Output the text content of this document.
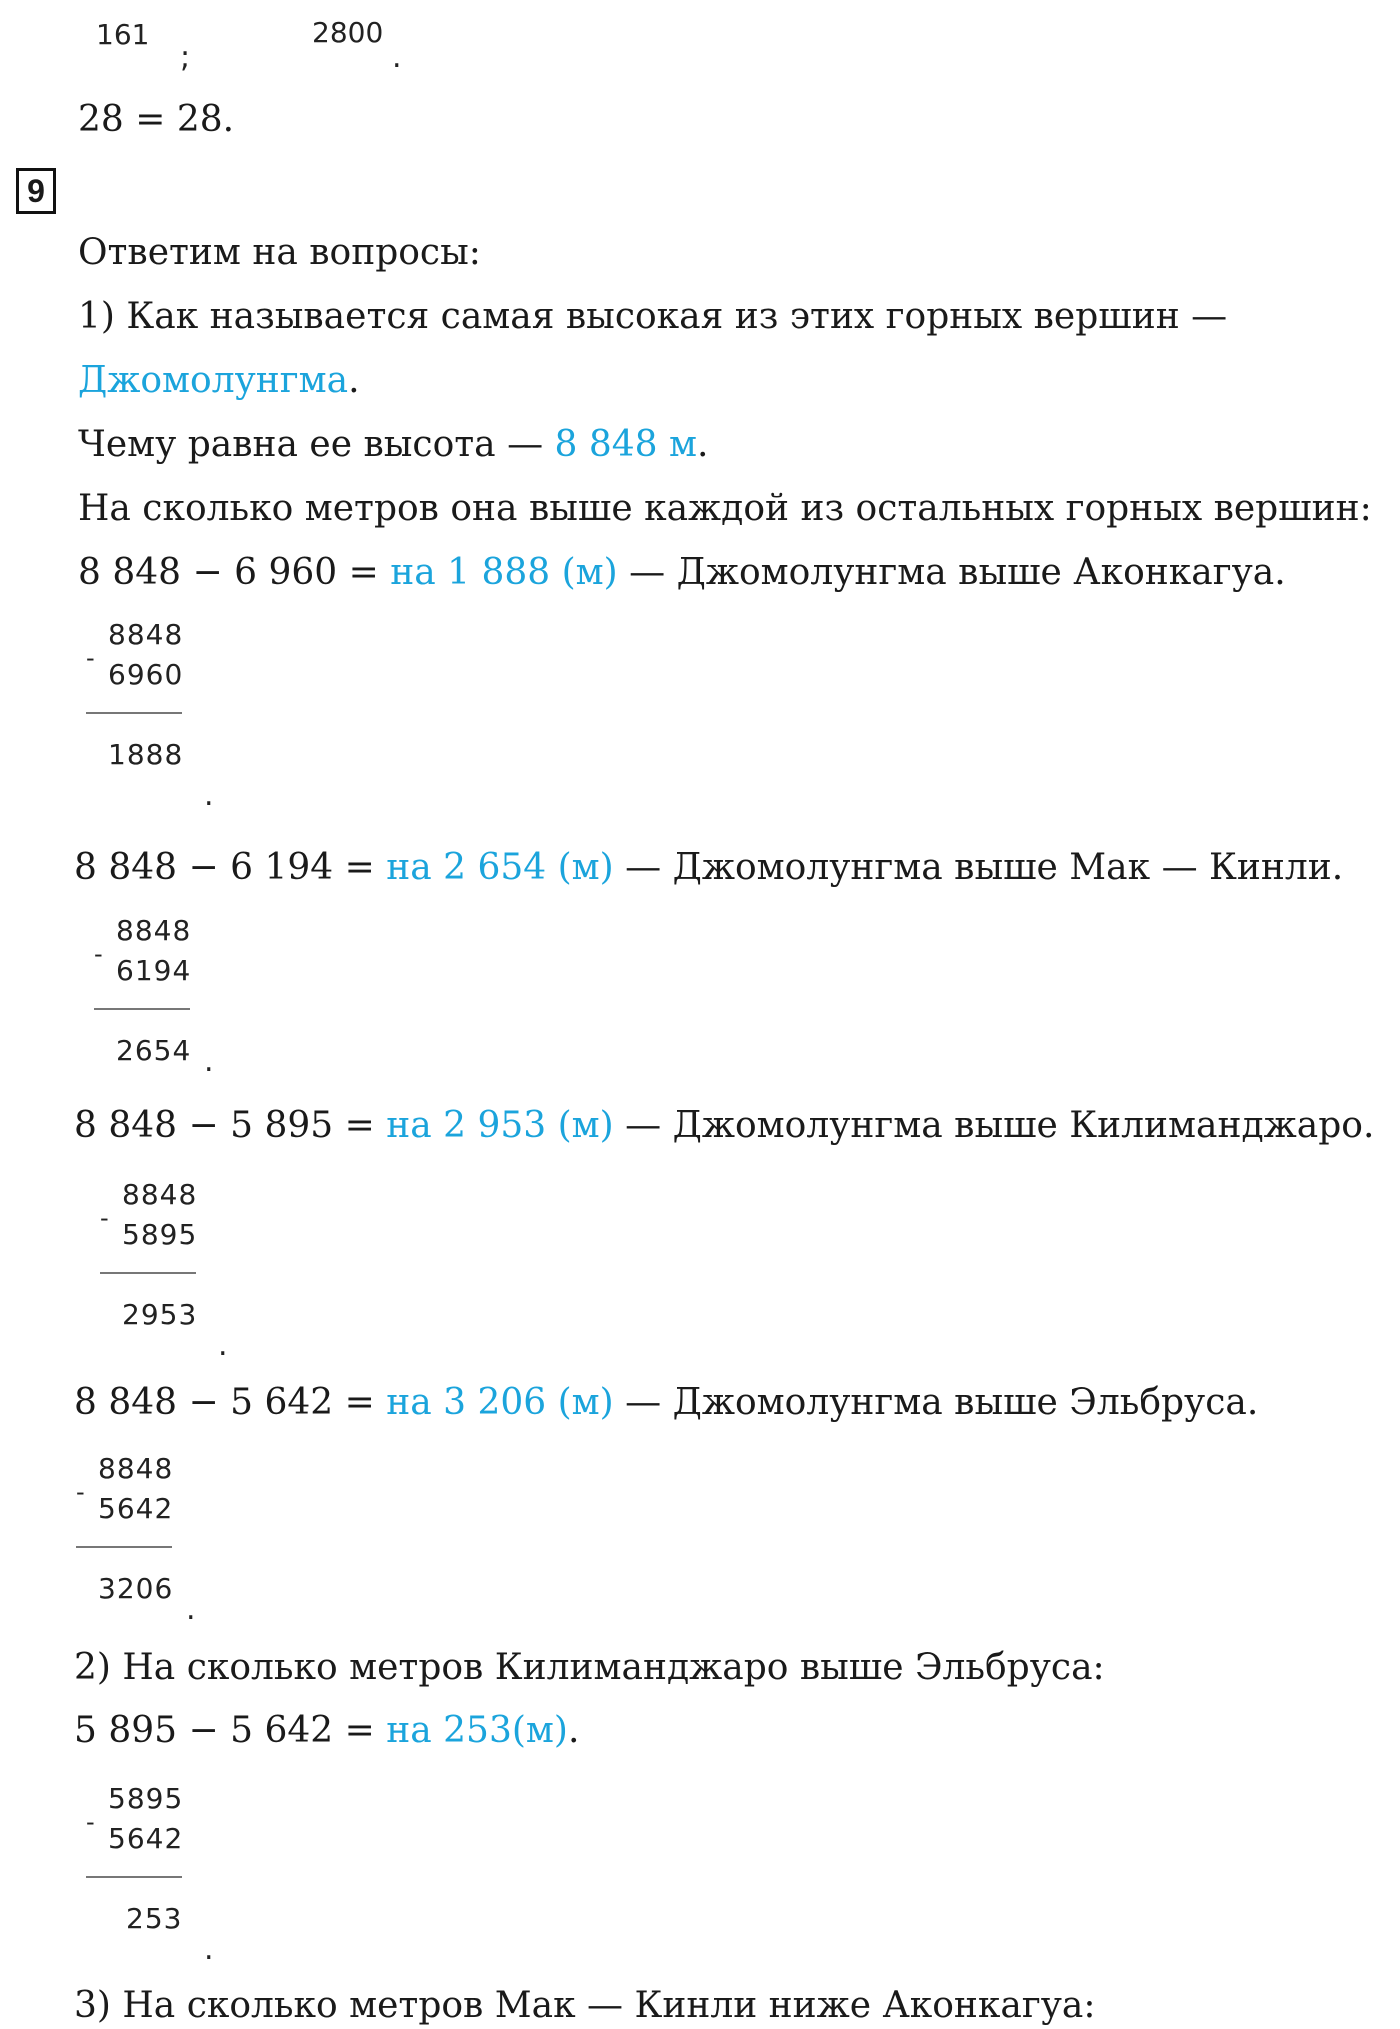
161
;
2800
.
28 = 28.
9
Ответим на вопросы:
1) Как называется самая высокая из этих горных вершин —
Джомолунгма.
Чему равна ее высота — 8 848 м.
На сколько метров она выше каждой из остальных горных вершин:
8 848 − 6 960 = на 1 888 (м) — Джомолунгма выше Аконкагуа.
8848
- 6960
1888
.
8 848 − 6 194 = на 2 654 (м) — Джомолунгма выше Мак — Кинли.
8848
- 6194
2654 .
8 848 − 5 895 = на 2 953 (м) — Джомолунгма выше Килиманджаро.
8848
- 5895
2953
.
8 848 − 5 642 = на 3 206 (м) — Джомолунгма выше Эльбруса.
8848
- 5642
3206
.
2) На сколько метров Килиманджаро выше Эльбруса:
5 895 − 5 642 = на 253(м).
5895
- 5642
253
.
3) На сколько метров Мак — Кинли ниже Аконкагуа:
